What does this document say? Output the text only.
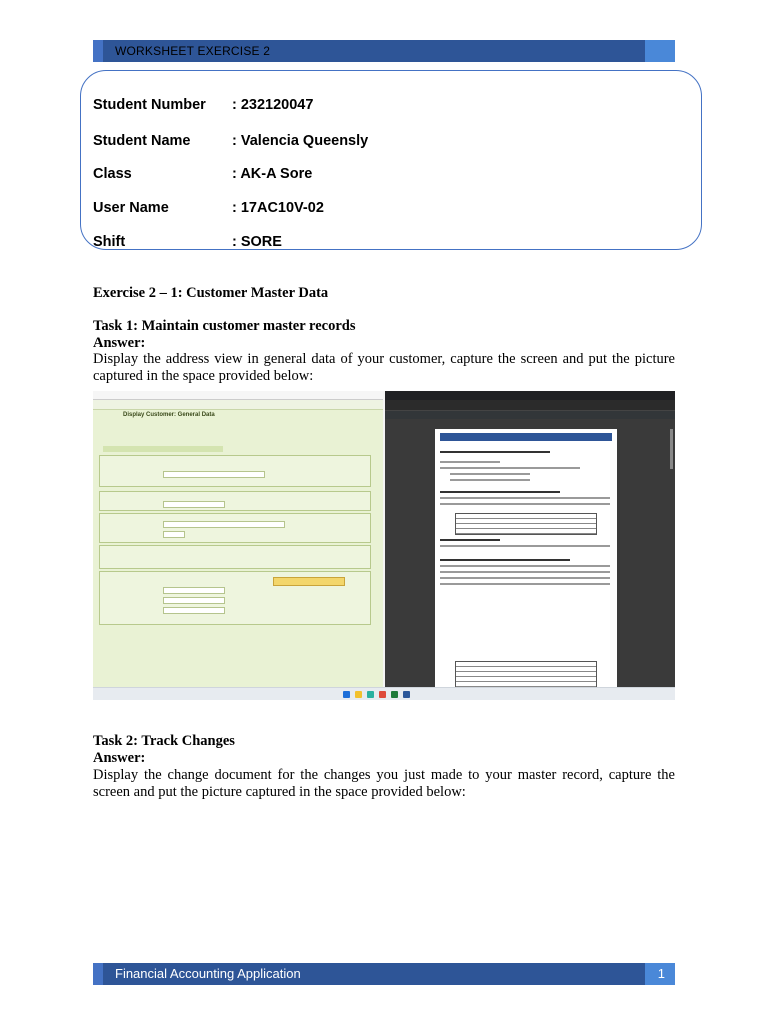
WORKSHEET EXERCISE 2
Student Number : 232120047
Student Name	: Valencia Queensly
Class	: AK-A Sore
User Name	: 17AC10V-02
Shift	: SORE
Exercise 2 – 1: Customer Master Data
Task 1: Maintain customer master records
Answer:
Display the address view in general data of your customer, capture the screen and put the picture captured in the space provided below:
Display Customer: General Data
Task 2: Track Changes
Answer:
Display the change document for the changes you just made to your master record, capture the screen and put the picture captured in the space provided below:
Financial Accounting Application	1
